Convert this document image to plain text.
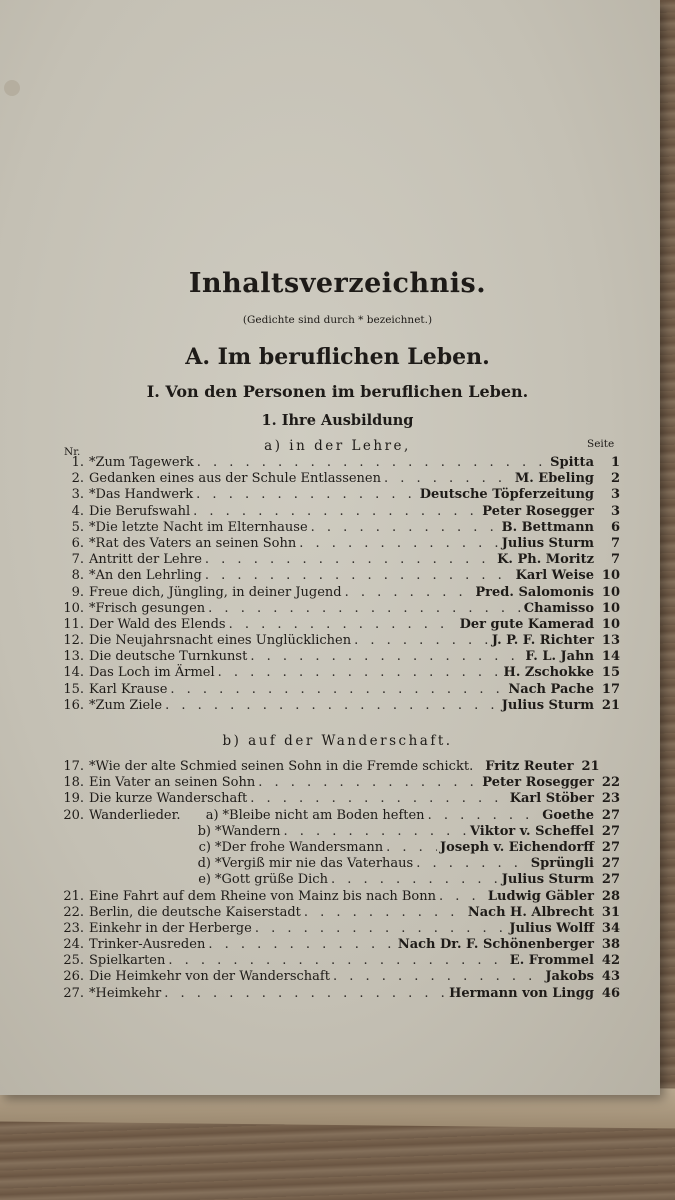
Inhaltsverzeichnis.
(Gedichte sind durch * bezeichnet.)
A. Im beruflichen Leben.
I. Von den Personen im beruflichen Leben.
1. Ihre Ausbildung
a) in der Lehre,
Nr.
Seite
1. *Zum Tagewerk . . .	Spitta	1
2. Gedanken eines aus der Schule Entlassenen . . .	M. Ebeling	2
3. *Das Handwerk . . .	Deutsche Töpferzeitung	3
4. Die Berufswahl . . .	Peter Rosegger	3
5. *Die letzte Nacht im Elternhause . . .	B. Bettmann	6
6. *Rat des Vaters an seinen Sohn . . .	Julius Sturm	7
7. Antritt der Lehre . . .	K. Ph. Moritz	7
8. *An den Lehrling . . .	Karl Weise 10
9. Freue dich, Jüngling, in deiner Jugend . . .	Pred. Salomonis 10
10. *Frisch gesungen . . .	Chamisso 10
11. Der Wald des Elends . . .	Der gute Kamerad 10
12. Die Neujahrsnacht eines Unglücklichen . . .	J. P. F. Richter 13
13. Die deutsche Turnkunst . . .	F. L. Jahn 14
14. Das Loch im Ärmel . . .	H. Zschokke 15
15. Karl Krause . . .	Nach Pache 17
16. *Zum Ziele . . .	Julius Sturm 21
b) auf der Wanderschaft.
17. *Wie der alte Schmied seinen Sohn in die Fremde schickt. Fritz Reuter 21
18. Ein Vater an seinen Sohn . . .	Peter Rosegger 22
19. Die kurze Wanderschaft . . .	Karl Stöber 23
20. Wanderlieder. a) *Bleibe nicht am Boden heften . . .	Goethe 27
b) *Wandern . . .	Viktor v. Scheffel 27
c) *Der frohe Wandersmann . . .	Joseph v. Eichendorff 27
d) *Vergiß mir nie das Vaterhaus . . .	Sprüngli 27
e) *Gott grüße Dich . . .	Julius Sturm 27
21. Eine Fahrt auf dem Rheine von Mainz bis nach Bonn . . .	Ludwig Gäbler 28
22. Berlin, die deutsche Kaiserstadt . . .	Nach H. Albrecht 31
23. Einkehr in der Herberge . . .	Julius Wolff 34
24. Trinker-Ausreden . . .	Nach Dr. F. Schönenberger 38
25. Spielkarten . . .	E. Frommel 42
26. Die Heimkehr von der Wanderschaft . . .	Jakobs 43
27. *Heimkehr . . .	Hermann von Lingg 46
